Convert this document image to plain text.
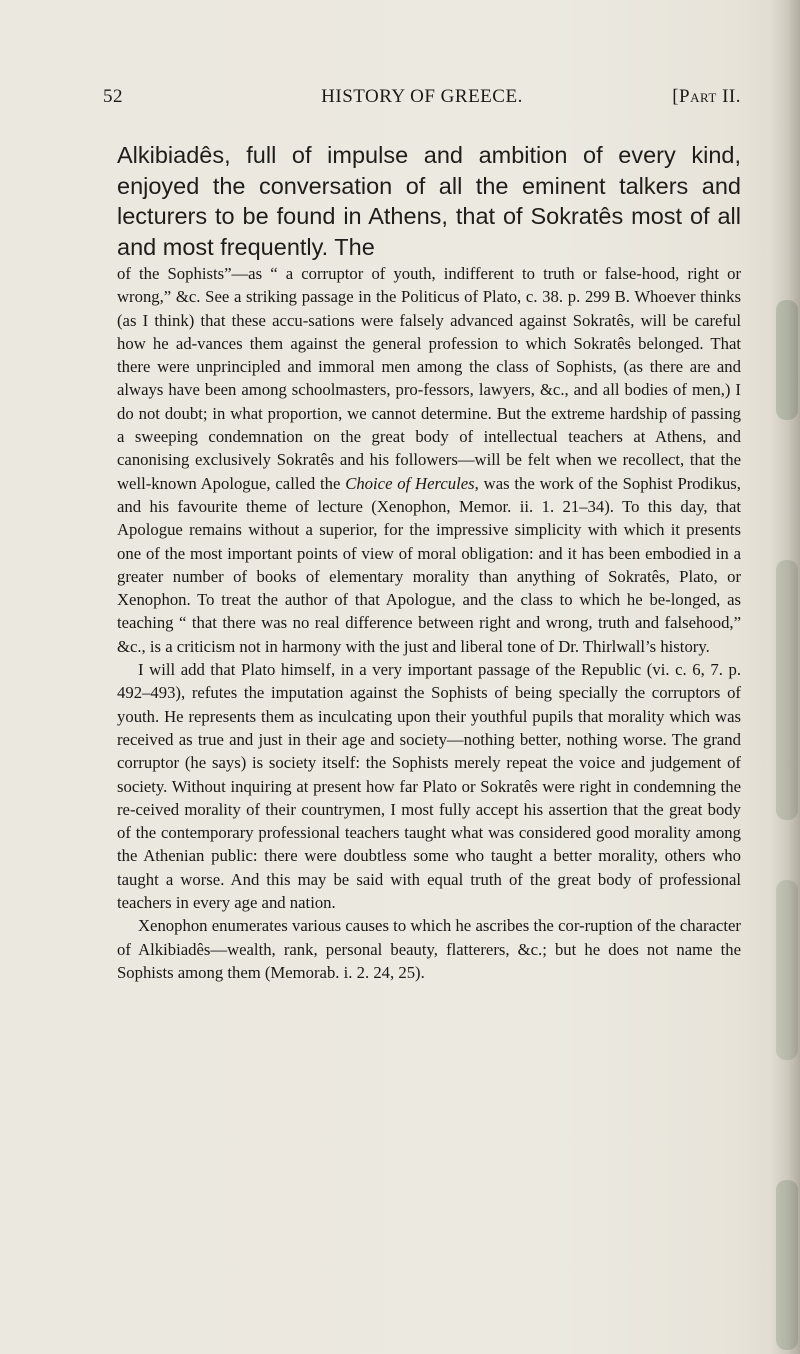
52	HISTORY OF GREECE.	[Part II.

Alkibiadês, full of impulse and ambition of every kind, enjoyed the conversation of all the eminent talkers and lecturers to be found in Athens, that of Sokratês most of all and most frequently. The

of the Sophists”—as “ a corruptor of youth, indifferent to truth or false-hood, right or wrong,” &c. See a striking passage in the Politicus of Plato, c. 38. p. 299 B. Whoever thinks (as I think) that these accu-sations were falsely advanced against Sokratês, will be careful how he ad-vances them against the general profession to which Sokratês belonged. That there were unprincipled and immoral men among the class of Sophists, (as there are and always have been among schoolmasters, pro-fessors, lawyers, &c., and all bodies of men,) I do not doubt; in what proportion, we cannot determine. But the extreme hardship of passing a sweeping condemnation on the great body of intellectual teachers at Athens, and canonising exclusively Sokratês and his followers—will be felt when we recollect, that the well-known Apologue, called the Choice of Hercules, was the work of the Sophist Prodikus, and his favourite theme of lecture (Xenophon, Memor. ii. 1. 21–34). To this day, that Apologue remains without a superior, for the impressive simplicity with which it presents one of the most important points of view of moral obligation: and it has been embodied in a greater number of books of elementary morality than anything of Sokratês, Plato, or Xenophon. To treat the author of that Apologue, and the class to which he be-longed, as teaching “ that there was no real difference between right and wrong, truth and falsehood,” &c., is a criticism not in harmony with the just and liberal tone of Dr. Thirlwall’s history.

I will add that Plato himself, in a very important passage of the Republic (vi. c. 6, 7. p. 492–493), refutes the imputation against the Sophists of being specially the corruptors of youth. He represents them as inculcating upon their youthful pupils that morality which was received as true and just in their age and society—nothing better, nothing worse. The grand corruptor (he says) is society itself: the Sophists merely repeat the voice and judgement of society. Without inquiring at present how far Plato or Sokratês were right in condemning the re-ceived morality of their countrymen, I most fully accept his assertion that the great body of the contemporary professional teachers taught what was considered good morality among the Athenian public: there were doubtless some who taught a better morality, others who taught a worse. And this may be said with equal truth of the great body of professional teachers in every age and nation.

Xenophon enumerates various causes to which he ascribes the cor-ruption of the character of Alkibiadês—wealth, rank, personal beauty, flatterers, &c.; but he does not name the Sophists among them (Memorab. i. 2. 24, 25).
